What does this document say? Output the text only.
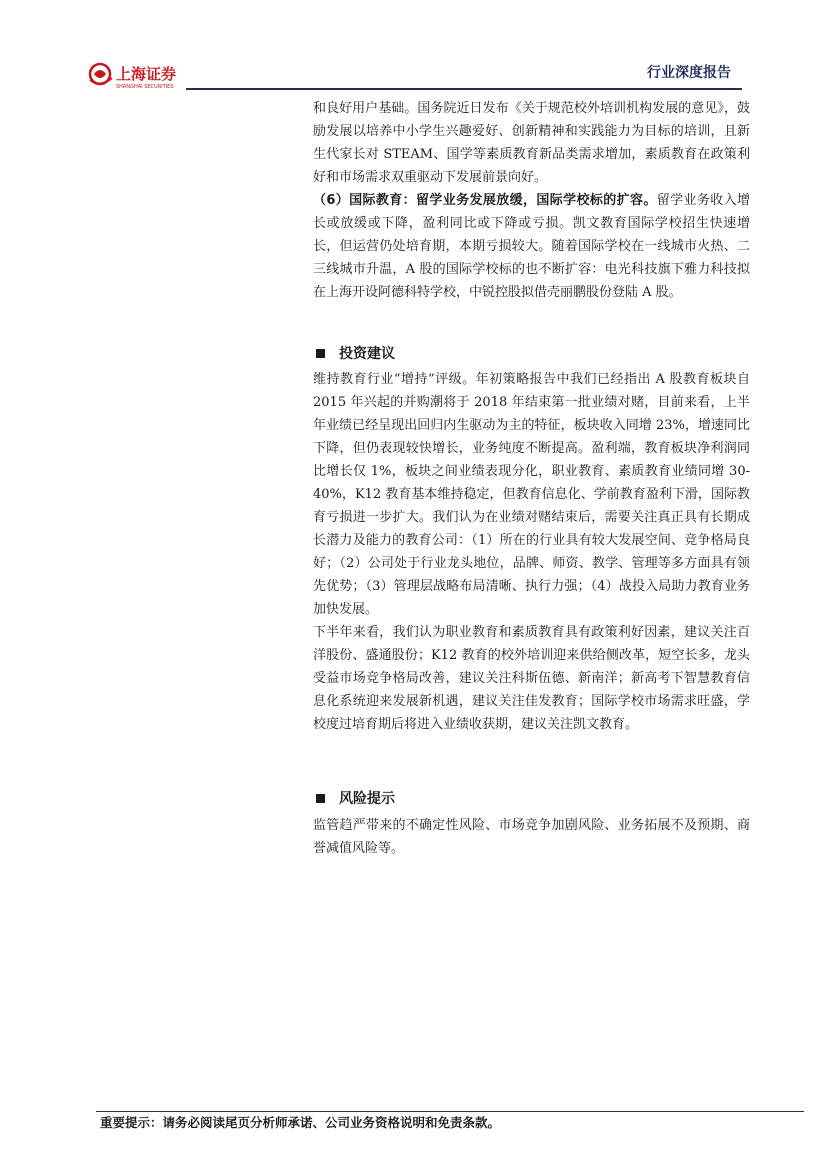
上海证券
SHANGHAI SECURITIES
行业深度报告

和良好用户基础。国务院近日发布《关于规范校外培训机构发展的意见》，鼓励发展以培养中小学生兴趣爱好、创新精神和实践能力为目标的培训，且新生代家长对 STEAM、国学等素质教育新品类需求增加，素质教育在政策利好和市场需求双重驱动下发展前景向好。

（6）国际教育：留学业务发展放缓，国际学校标的扩容。留学业务收入增长或放缓或下降，盈利同比或下降或亏损。凯文教育国际学校招生快速增长，但运营仍处培育期，本期亏损较大。随着国际学校在一线城市火热、二三线城市升温，A 股的国际学校标的也不断扩容：电光科技旗下雅力科技拟在上海开设阿德科特学校，中锐控股拟借壳丽鹏股份登陆 A 股。

投资建议

维持教育行业“增持”评级。年初策略报告中我们已经指出 A 股教育板块自 2015 年兴起的并购潮将于 2018 年结束第一批业绩对赌，目前来看，上半年业绩已经呈现出回归内生驱动为主的特征，板块收入同增 23%，增速同比下降，但仍表现较快增长，业务纯度不断提高。盈利端，教育板块净利润同比增长仅 1%，板块之间业绩表现分化，职业教育、素质教育业绩同增 30-40%，K12 教育基本维持稳定，但教育信息化、学前教育盈利下滑，国际教育亏损进一步扩大。我们认为在业绩对赌结束后，需要关注真正具有长期成长潜力及能力的教育公司：（1）所在的行业具有较大发展空间、竞争格局良好；（2）公司处于行业龙头地位，品牌、师资、教学、管理等多方面具有领先优势；（3）管理层战略布局清晰、执行力强；（4）战投入局助力教育业务加快发展。

下半年来看，我们认为职业教育和素质教育具有政策利好因素，建议关注百洋股份、盛通股份；K12 教育的校外培训迎来供给侧改革，短空长多，龙头受益市场竞争格局改善，建议关注科斯伍德、新南洋；新高考下智慧教育信息化系统迎来发展新机遇，建议关注佳发教育；国际学校市场需求旺盛，学校度过培育期后将进入业绩收获期，建议关注凯文教育。

风险提示

监管趋严带来的不确定性风险、市场竞争加剧风险、业务拓展不及预期、商誉减值风险等。

重要提示：请务必阅读尾页分析师承诺、公司业务资格说明和免责条款。
